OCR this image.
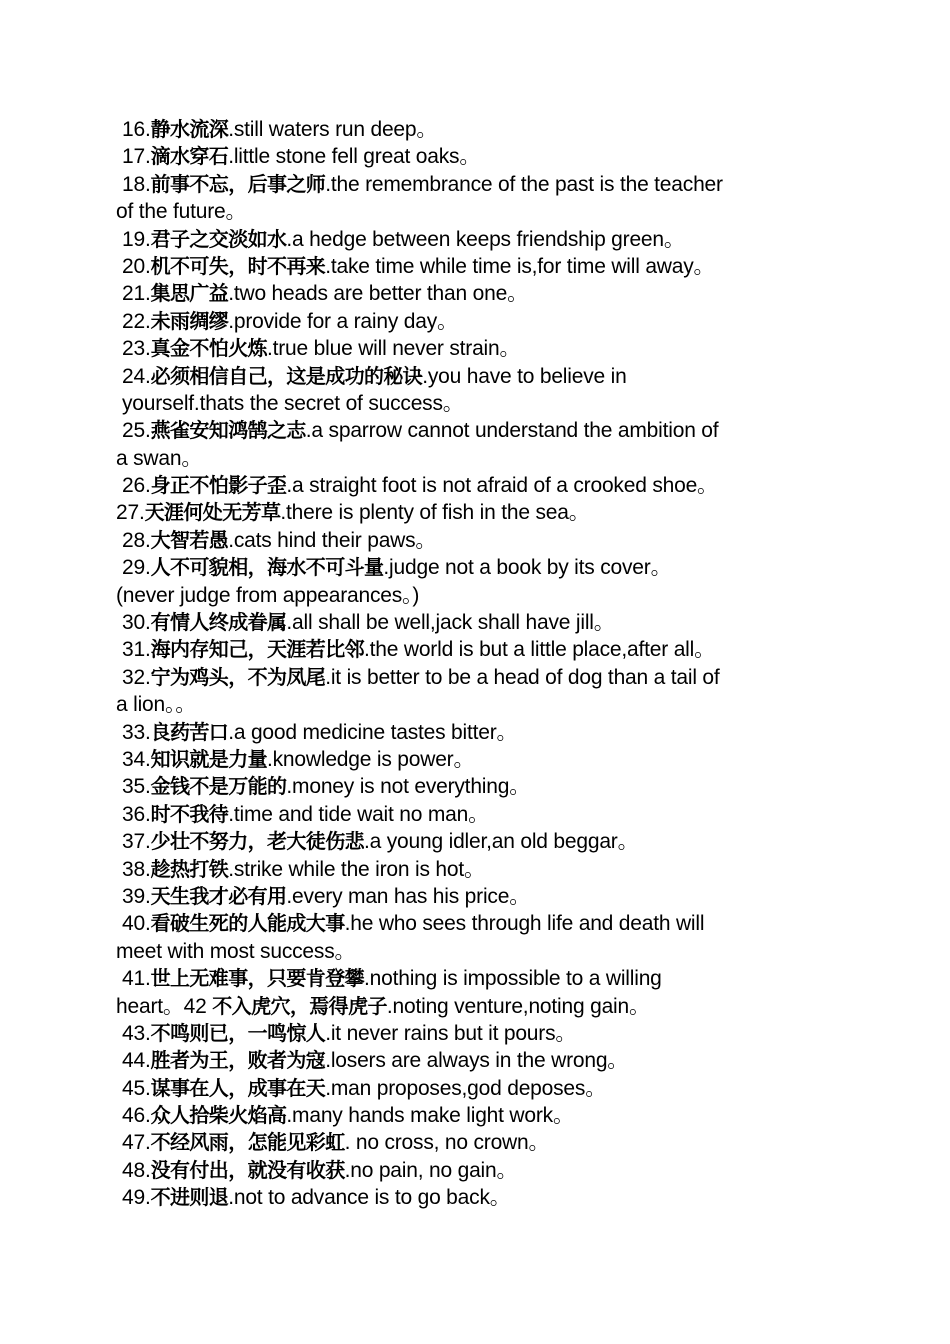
16.静水流深.still waters run deep。
17.滴水穿石.little stone fell great oaks。
18.前事不忘，后事之师.the remembrance of the past is the teacher
of the future。
19.君子之交淡如水.a hedge between keeps friendship green。
20.机不可失，时不再来.take time while time is,for time will away。
21.集思广益.two heads are better than one。
22.未雨绸缪.provide for a rainy day。
23.真金不怕火炼.true blue will never strain。
24.必须相信自己，这是成功的秘诀.you have to believe in
yourself.thats the secret of success。
25.燕雀安知鸿鹄之志.a sparrow cannot understand the ambition of
a swan。
26.身正不怕影子歪.a straight foot is not afraid of a crooked shoe。
27.天涯何处无芳草.there is plenty of fish in the sea。
28.大智若愚.cats hind their paws。
29.人不可貌相，海水不可斗量.judge not a book by its cover。
(never judge from appearances。)
30.有情人终成眷属.all shall be well,jack shall have jill。
31.海内存知己，天涯若比邻.the world is but a little place,after all。
32.宁为鸡头，不为凤尾.it is better to be a head of dog than a tail of
a lion。。
33.良药苦口.a good medicine tastes bitter。
34.知识就是力量.knowledge is power。
35.金钱不是万能的.money is not everything。
36.时不我待.time and tide wait no man。
37.少壮不努力，老大徒伤悲.a young idler,an old beggar。
38.趁热打铁.strike while the iron is hot。
39.天生我才必有用.every man has his price。
40.看破生死的人能成大事.he who sees through life and death will
meet with most success。
41.世上无难事，只要肯登攀.nothing is impossible to a willing
heart。42 不入虎穴，焉得虎子.noting venture,noting gain。
43.不鸣则已，一鸣惊人.it never rains but it pours。
44.胜者为王，败者为寇.losers are always in the wrong。
45.谋事在人，成事在天.man proposes,god deposes。
46.众人拾柴火焰高.many hands make light work。
47.不经风雨，怎能见彩虹. no cross, no crown。
48.没有付出，就没有收获.no pain, no gain。
49.不进则退.not to advance is to go back。
